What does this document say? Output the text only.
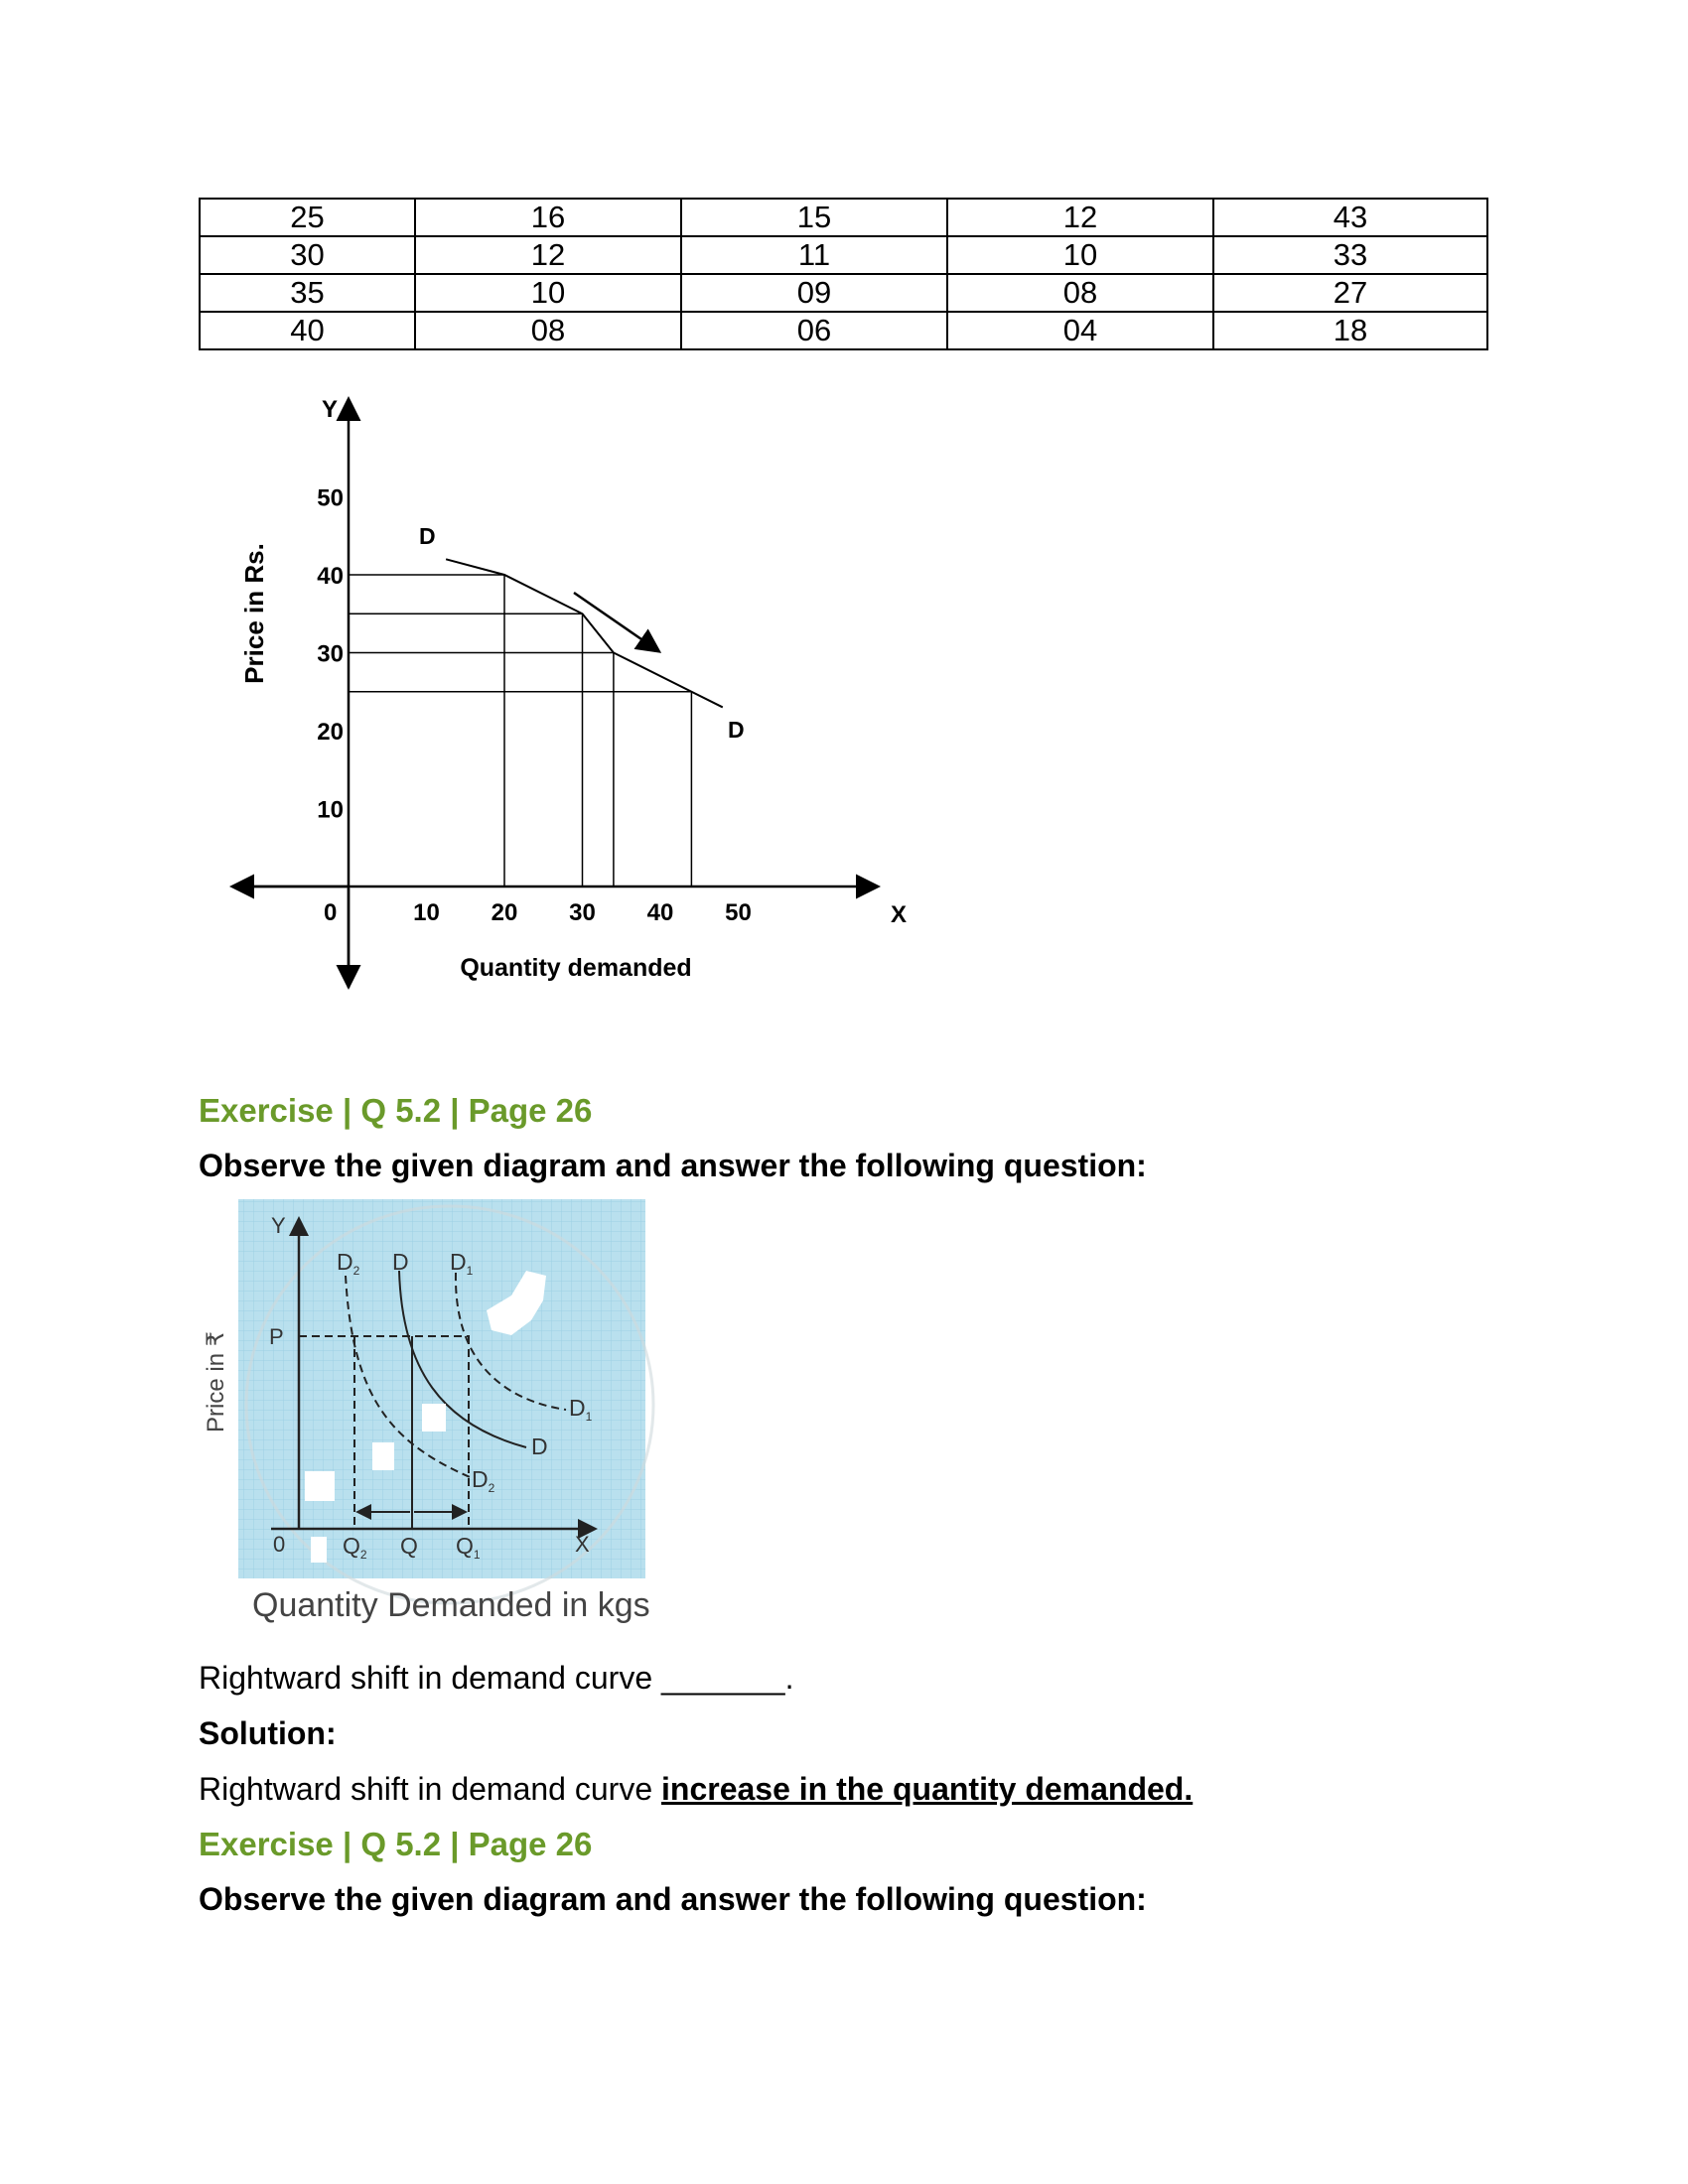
25	16	15	12	43
30	12	11	10	33
35	10	09	08	27
40	08	06	04	18
Y
X
0
Price in Rs.
Quantity demanded
D
D
10 20 30 40 50
10
20
30
40
50
Exercise | Q 5.2 | Page 26
Observe the given diagram and answer the following question:
Y
X
0
P
$D_2$ D $D_1$
$D_1$
D
$D_2$
$Q_2$ Q $Q_1$
Price in ₹
Quantity Demanded in kgs
Rightward shift in demand curve _______.
Solution:
Rightward shift in demand curve increase in the quantity demanded.
Exercise | Q 5.2 | Page 26
Observe the given diagram and answer the following question:
